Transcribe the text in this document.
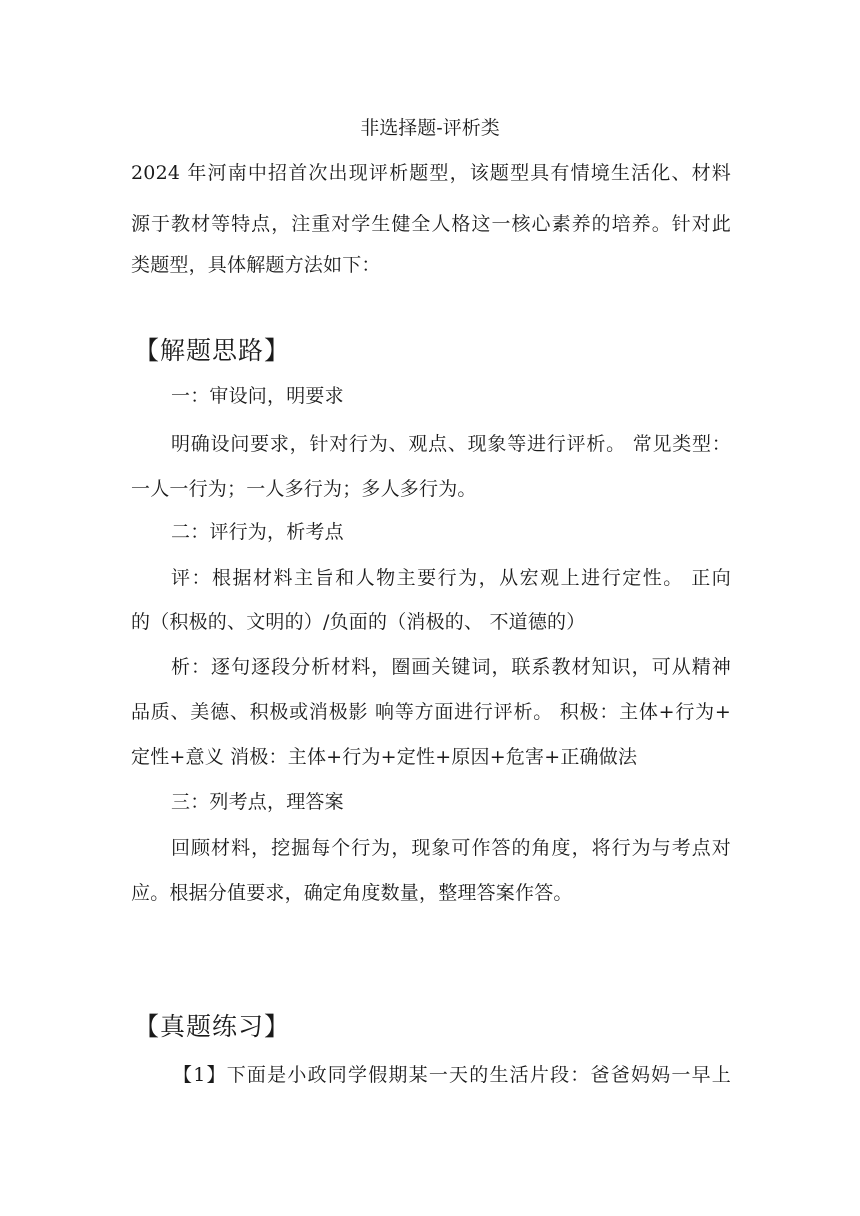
非选择题-评析类
2024 年河南中招首次出现评析题型，该题型具有情境生活化、材料
源于教材等特点，注重对学生健全人格这一核心素养的培养。针对此
类题型，具体解题方法如下：
【解题思路】
一：审设问，明要求
明确设问要求，针对行为、观点、现象等进行评析。 常见类型：
一人一行为；一人多行为；多人多行为。
二：评行为，析考点
评：根据材料主旨和人物主要行为，从宏观上进行定性。 正向
的（积极的、文明的）/负面的（消极的、 不道德的）
析：逐句逐段分析材料，圈画关键词，联系教材知识，可从精神
品质、美德、积极或消极影 响等方面进行评析。 积极：主体+行为+
定性+意义 消极：主体+行为+定性+原因+危害+正确做法
三：列考点，理答案
回顾材料，挖掘每个行为，现象可作答的角度，将行为与考点对
应。根据分值要求，确定角度数量，整理答案作答。
【真题练习】
【1】下面是小政同学假期某一天的生活片段：爸爸妈妈一早上
